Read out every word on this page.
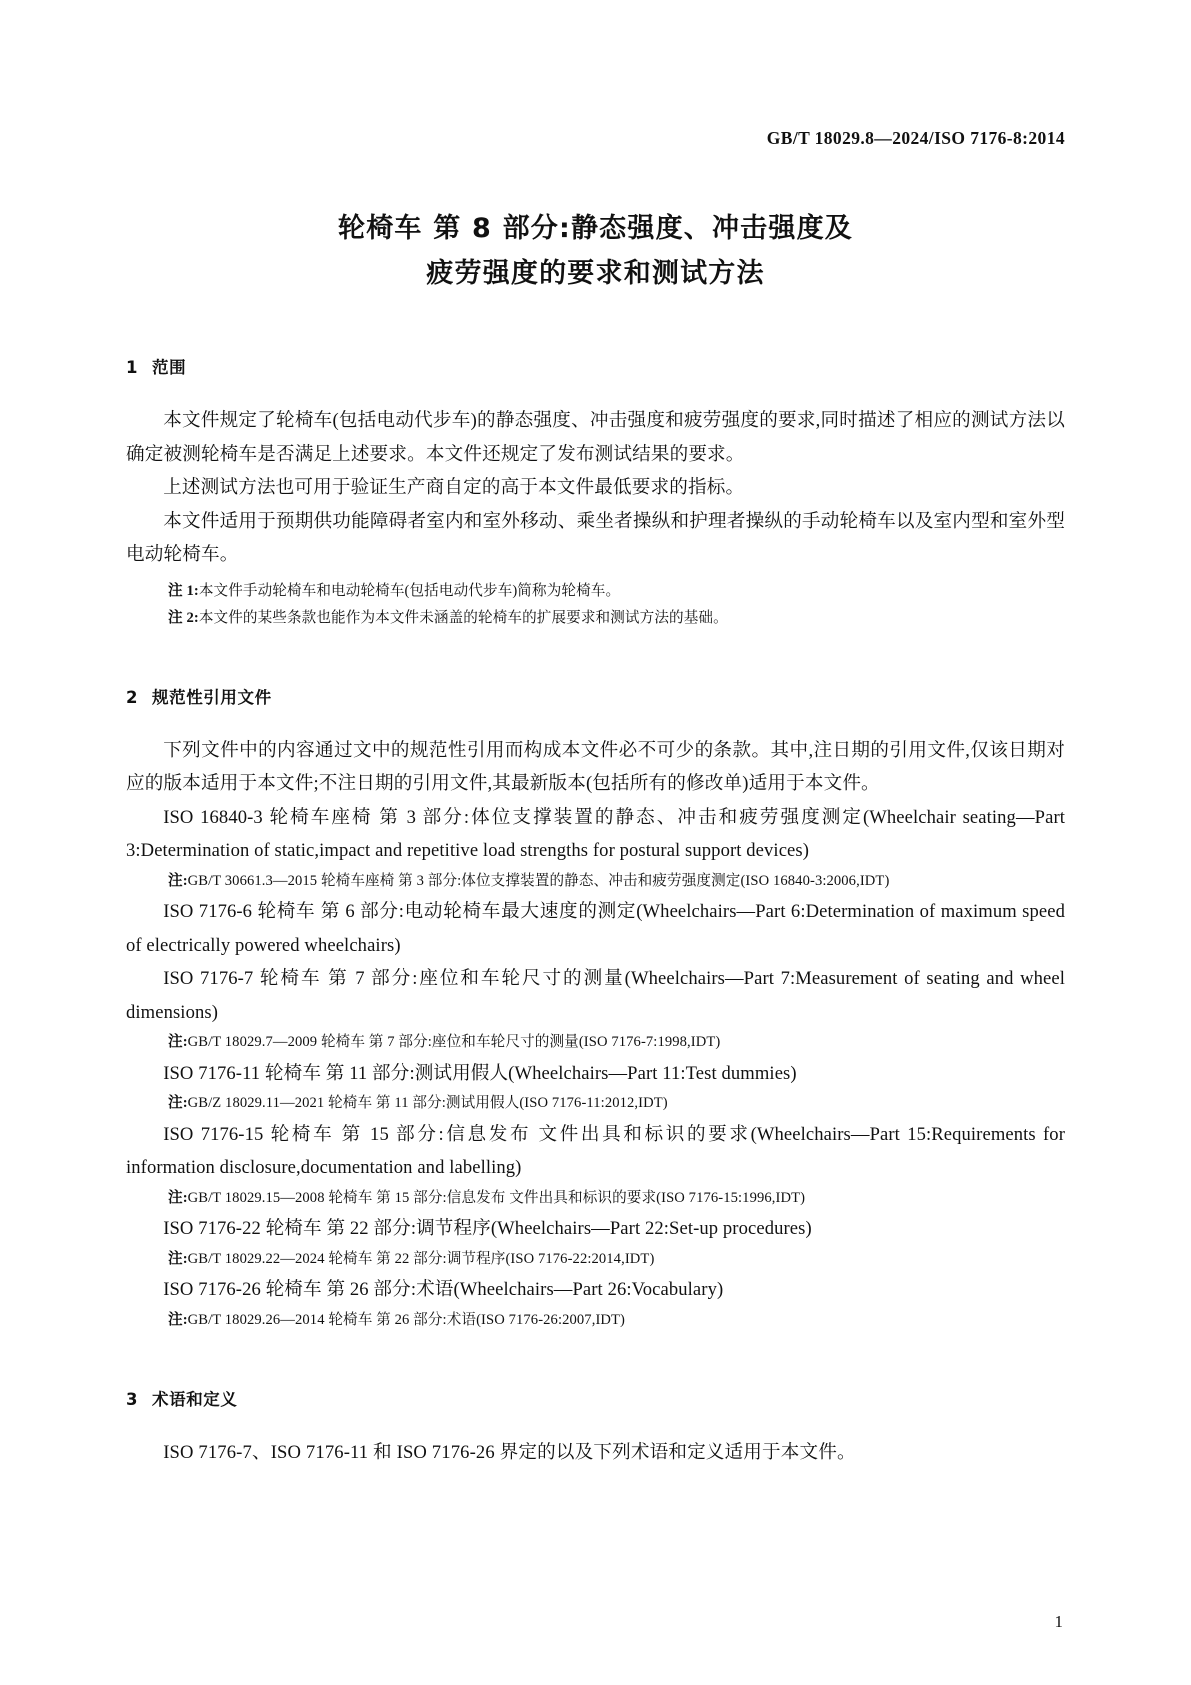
GB/T 18029.8—2024/ISO 7176-8:2014
轮椅车 第 8 部分:静态强度、冲击强度及
疲劳强度的要求和测试方法
1 范围

本文件规定了轮椅车(包括电动代步车)的静态强度、冲击强度和疲劳强度的要求,同时描述了相应的测试方法以确定被测轮椅车是否满足上述要求。本文件还规定了发布测试结果的要求。

上述测试方法也可用于验证生产商自定的高于本文件最低要求的指标。

本文件适用于预期供功能障碍者室内和室外移动、乘坐者操纵和护理者操纵的手动轮椅车以及室内型和室外型电动轮椅车。

注 1:本文件手动轮椅车和电动轮椅车(包括电动代步车)简称为轮椅车。

注 2:本文件的某些条款也能作为本文件未涵盖的轮椅车的扩展要求和测试方法的基础。

2 规范性引用文件

下列文件中的内容通过文中的规范性引用而构成本文件必不可少的条款。其中,注日期的引用文件,仅该日期对应的版本适用于本文件;不注日期的引用文件,其最新版本(包括所有的修改单)适用于本文件。

ISO 16840-3 轮椅车座椅 第 3 部分:体位支撑装置的静态、冲击和疲劳强度测定(Wheelchair seating—Part 3:Determination of static,impact and repetitive load strengths for postural support devices)

注:GB/T 30661.3—2015 轮椅车座椅 第 3 部分:体位支撑装置的静态、冲击和疲劳强度测定(ISO 16840-3:2006,IDT)

ISO 7176-6 轮椅车 第 6 部分:电动轮椅车最大速度的测定(Wheelchairs—Part 6:Determination of maximum speed of electrically powered wheelchairs)

ISO 7176-7 轮椅车 第 7 部分:座位和车轮尺寸的测量(Wheelchairs—Part 7:Measurement of seating and wheel dimensions)

注:GB/T 18029.7—2009 轮椅车 第 7 部分:座位和车轮尺寸的测量(ISO 7176-7:1998,IDT)

ISO 7176-11 轮椅车 第 11 部分:测试用假人(Wheelchairs—Part 11:Test dummies)

注:GB/Z 18029.11—2021 轮椅车 第 11 部分:测试用假人(ISO 7176-11:2012,IDT)

ISO 7176-15 轮椅车 第 15 部分:信息发布 文件出具和标识的要求(Wheelchairs—Part 15:Requirements for information disclosure,documentation and labelling)

注:GB/T 18029.15—2008 轮椅车 第 15 部分:信息发布 文件出具和标识的要求(ISO 7176-15:1996,IDT)

ISO 7176-22 轮椅车 第 22 部分:调节程序(Wheelchairs—Part 22:Set-up procedures)

注:GB/T 18029.22—2024 轮椅车 第 22 部分:调节程序(ISO 7176-22:2014,IDT)

ISO 7176-26 轮椅车 第 26 部分:术语(Wheelchairs—Part 26:Vocabulary)

注:GB/T 18029.26—2014 轮椅车 第 26 部分:术语(ISO 7176-26:2007,IDT)

3 术语和定义

ISO 7176-7、ISO 7176-11 和 ISO 7176-26 界定的以及下列术语和定义适用于本文件。

1
